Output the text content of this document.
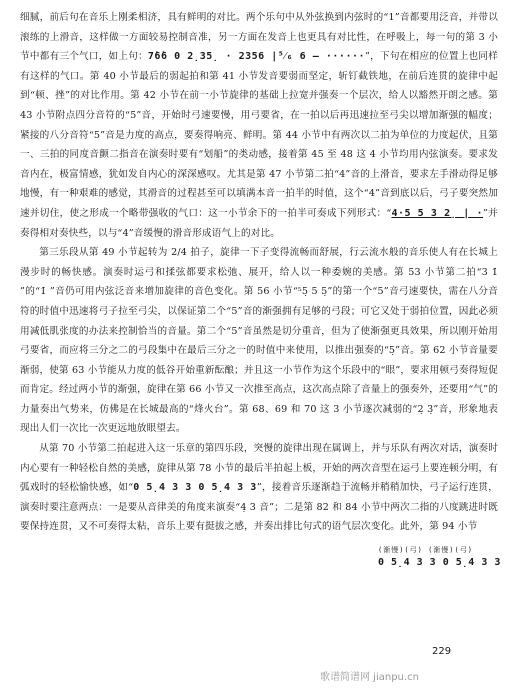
细腻，前后句在音乐上刚柔相济，具有鲜明的对比。两个乐句中从外弦换到内弦时的“1”音都要用泛音，并带以滚练的上滑音，这样做一方面较易控制音准，另一方面在发音上也更具有对比性，在呼吸上，每一句的第 3 小节中都有三个气口，如上句：7̇6̇6 0 2̣35̣ · 2356 |⁵⁄₆ 6 — ······”，下句在相应的位置上也同样有这样的气口。第 40 小节最后的弱起拍和第 41 小节发音要弱而坚定，斩钉截铁地，在前后连贯的旋律中起到“顿、挫”的对比作用。第 42 小节在前一小节旋律的基础上拉宽并强奏一个层次，给人以豁然开朗之感。第 43 小节附点四分音符的“5”音，开始时弓速要慢，用弓要省，在一拍以后再迅速拉至弓尖以增加渐强的幅度；紧接的八分音符“5”音是力度的高点，要奏得响亮、鲜明。第 44 小节中有两次以二拍为单位的力度起伏，且第一、三拍的同度音颤二指音在演奏时要有“划船”的类动感，接着第 45 至 48 这 4 小节均用内弦演奏。要求发音内在，极富情感，犹如发自内心的深深感叹。尤其是第 47 小节第二拍“4”音的上滑音，要求左手滑动得足够地慢，有一种艰难的感觉，其滑音的过程甚至可以填满本音一拍半的时值，这个“4”音到底以后，弓子要突然加速并切住，使之形成一个略带强收的气口：这一小节余下的一拍半可奏成下列形式：“4·5 5 3 2̣ | ·”并奏得相对奏快些，以与“4”音缓慢的滑音形成语气上的对比。

第三乐段从第 49 小节起转为 2/4 拍子，旋律一下子变得流畅而舒展，行云流水般的音乐使人有在长城上漫步时的畅快感。演奏时运弓和揉弦都要求松弛、展开，给人以一种委婉的美感。第 53 小节第二拍“3 1̇ ”的“1̇ ”音仍可用内弦泛音来增加旋律的音色变化。第 56 小节“⁵5̣ 5 5̣”的第一个“5”音弓速要快，需在八分音符的时值中迅速将弓子拉至弓尖，以保证第二个“5”音的渐强拥有足够的弓段；可它又处于弱拍位置，因此必须用减低肌张度的办法来控制恰当的音量。第二个“5”音虽然是切分重音，但为了使渐强更具效果，所以刚开始用弓要省，而应将三分之二的弓段集中在最后三分之一的时值中来使用，以推出强奏的“5̣”音。第 62 小节音量要渐弱，使第 63 小节能从力度的低谷开始重新酝酿；并且这一小节作为这个乐段中的“眼”，要求用顿弓奏得短促而肯定。经过两小节的渐强，旋律在第 66 小节又一次推至高点，这次高点除了音量上的强奏外，还要用“气”的力量奏出气势来，仿佛是在长城最高的“烽火台”。第 68、69 和 70 这 3 小节逐次减弱的“2̣ 3̣”音，形象地表现出人们一次比一次更远地放眼望去。

从第 70 小节第二拍起进入这一乐章的第四乐段，突慢的旋律出现在属调上，并与乐队有两次对话，演奏时内心要有一种轻松自然的美感，旋律从第 78 小节的最后半拍起上板，开始的两次音型在运弓上要连顿分明，有弧戏时的轻松愉快感，如“0 5̣4 3 3 0 5̣4 3 3”，接着音乐逐渐趋于流畅并稍稍加快，弓子运行连贯，演奏时要注意两点：一是要从音律美的角度来演奏“4̣ 3 音”；二是第 82 和 84 小节中两次二指的八度跳进时既要保持连贯，又不可奏得太粘，音乐上要有挺拔之感，并奏出排比句式的语气层次变化。此外，第 94 小节

(渐慢)(弓) (渐慢)(弓)
0 5̣4 3 3 0 5̣4 3 3
229
歌谱简谱网 jianpu.cn
